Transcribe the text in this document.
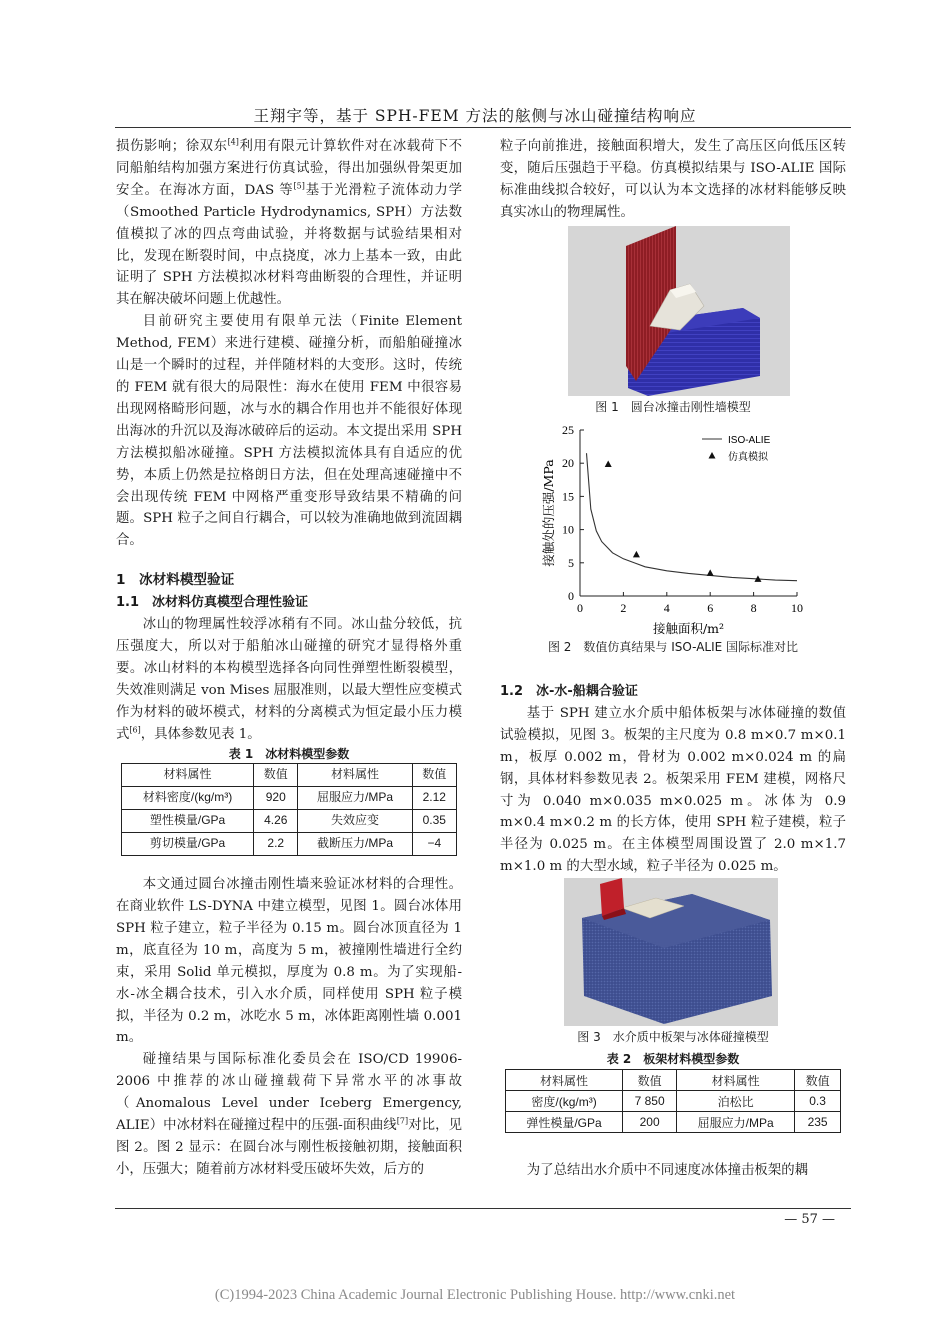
王翔宇等，基于 SPH-FEM 方法的舷侧与冰山碰撞结构响应

损伤影响；徐双东[4]利用有限元计算软件对在冰载荷下不同船舶结构加强方案进行仿真试验，得出加强纵骨架更加安全。在海冰方面，DAS 等[5]基于光滑粒子流体动力学（Smoothed Particle Hydrodynamics, SPH）方法数值模拟了冰的四点弯曲试验，并将数据与试验结果相对比，发现在断裂时间，中点挠度，冰力上基本一致，由此证明了 SPH 方法模拟冰材料弯曲断裂的合理性，并证明其在解决破坏问题上优越性。

目前研究主要使用有限单元法（Finite Element Method, FEM）来进行建模、碰撞分析，而船舶碰撞冰山是一个瞬时的过程，并伴随材料的大变形。这时，传统的 FEM 就有很大的局限性：海水在使用 FEM 中很容易出现网格畸形问题，冰与水的耦合作用也并不能很好体现出海冰的升沉以及海冰破碎后的运动。本文提出采用 SPH 方法模拟船冰碰撞。SPH 方法模拟流体具有自适应的优势，本质上仍然是拉格朗日方法，但在处理高速碰撞中不会出现传统 FEM 中网格严重变形导致结果不精确的问题。SPH 粒子之间自行耦合，可以较为准确地做到流固耦合。

1　冰材料模型验证

1.1　冰材料仿真模型合理性验证

冰山的物理属性较浮冰稍有不同。冰山盐分较低，抗压强度大，所以对于船舶冰山碰撞的研究才显得格外重要。冰山材料的本构模型选择各向同性弹塑性断裂模型，失效准则满足 von Mises 屈服准则，以最大塑性应变模式作为材料的破坏模式，材料的分离模式为恒定最小压力模式[6]，具体参数见表 1。

表 1　冰材料模型参数
材料属性	数值	材料属性	数值
材料密度/(kg/m³)	920	屈服应力/MPa	2.12
塑性模量/GPa	4.26	失效应变	0.35
剪切模量/GPa	2.2	截断压力/MPa	−4

本文通过圆台冰撞击刚性墙来验证冰材料的合理性。在商业软件 LS-DYNA 中建立模型，见图 1。圆台冰体用 SPH 粒子建立，粒子半径为 0.15 m。圆台冰顶直径为 1 m，底直径为 10 m，高度为 5 m，被撞刚性墙进行全约束，采用 Solid 单元模拟，厚度为 0.8 m。为了实现船-水-冰全耦合技术，引入水介质，同样使用 SPH 粒子模拟，半径为 0.2 m，冰吃水 5 m，冰体距离刚性墙 0.001 m。

碰撞结果与国际标准化委员会在 ISO/CD 19906-2006 中推荐的冰山碰撞载荷下异常水平的冰事故（Anomalous Level under Iceberg Emergency, ALIE）中冰材料在碰撞过程中的压强-面积曲线[7]对比，见图 2。图 2 显示：在圆台冰与刚性板接触初期，接触面积小，压强大；随着前方冰材料受压破坏失效，后方的

粒子向前推进，接触面积增大，发生了高压区向低压区转变，随后压强趋于平稳。仿真模拟结果与 ISO-ALIE 国际标准曲线拟合较好，可以认为本文选择的冰材料能够反映真实冰山的物理属性。

图 1　圆台冰撞击刚性墙模型
0	2	4	6	8	10
0
5
10
15
20
25
接触面积/m²
接触处的压强/MPa
ISO-ALIE
仿真模拟
图 2　数值仿真结果与 ISO-ALIE 国际标准对比

1.2　冰-水-船耦合验证

基于 SPH 建立水介质中船体板架与冰体碰撞的数值试验模拟，见图 3。板架的主尺度为 0.8 m×0.7 m×0.1 m，板厚 0.002 m，骨材为 0.002 m×0.024 m 的扁钢，具体材料参数见表 2。板架采用 FEM 建模，网格尺寸为 0.040 m×0.035 m×0.025 m。冰体为 0.9 m×0.4 m×0.2 m 的长方体，使用 SPH 粒子建模，粒子半径为 0.025 m。在主体模型周围设置了 2.0 m×1.7 m×1.0 m 的大型水域，粒子半径为 0.025 m。

图 3　水介质中板架与冰体碰撞模型
表 2　板架材料模型参数
材料属性	数值	材料属性	数值
密度/(kg/m³)	7 850	泊松比	0.3
弹性模量/GPa	200	屈服应力/MPa	235

为了总结出水介质中不同速度冰体撞击板架的耦

— 57 —
(C)1994-2023 China Academic Journal Electronic Publishing House. http://www.cnki.net
